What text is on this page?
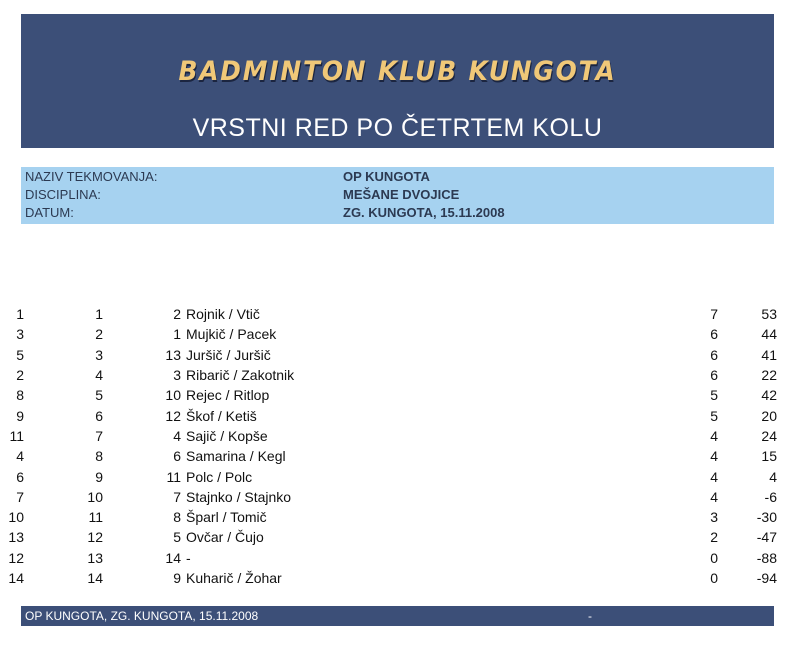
BADMINTON KLUB KUNGOTA
VRSTNI RED PO ČETRTEM KOLU
NAZIV TEKMOVANJA:	OP KUNGOTA
DISCIPLINA:	MEŠANE DVOJICE
DATUM:	ZG. KUNGOTA, 15.11.2008
1	1	2	Rojnik / Vtič	7	53
3	2	1	Mujkič / Pacek	6	44
5	3	13	Juršič / Juršič	6	41
2	4	3	Ribarič / Zakotnik	6	22
8	5	10	Rejec / Ritlop	5	42
9	6	12	Škof / Ketiš	5	20
11	7	4	Sajič / Kopše	4	24
4	8	6	Samarina / Kegl	4	15
6	9	11	Polc / Polc	4	4
7	10	7	Stajnko / Stajnko	4	-6
10	11	8	Šparl / Tomič	3	-30
13	12	5	Ovčar / Čujo	2	-47
12	13	14	-	0	-88
14	14	9	Kuharič / Žohar	0	-94
OP KUNGOTA, ZG. KUNGOTA, 15.11.2008	-
